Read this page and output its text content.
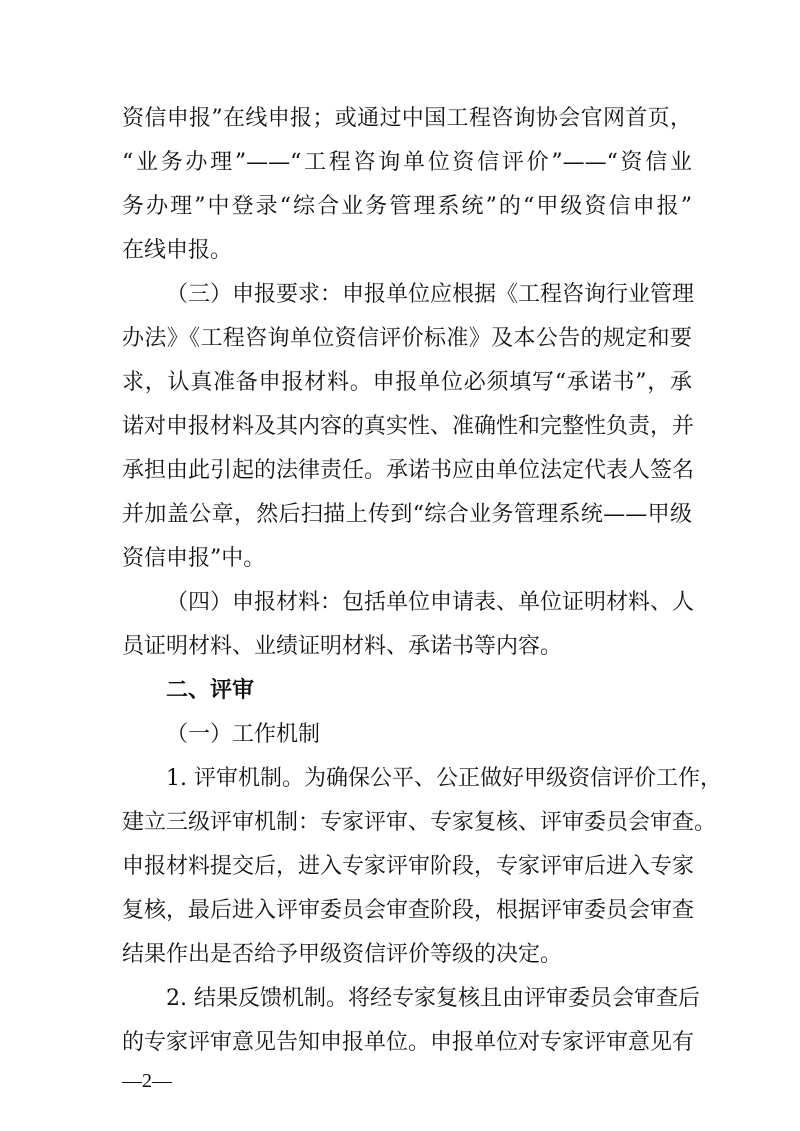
资信申报”在线申报；或通过中国工程咨询协会官网首页，
“业务办理”——“工程咨询单位资信评价”——“资信业
务办理”中登录“综合业务管理系统”的“甲级资信申报”
在线申报。
（三）申报要求：申报单位应根据《工程咨询行业管理
办法》《工程咨询单位资信评价标准》及本公告的规定和要
求，认真准备申报材料。申报单位必须填写“承诺书”，承
诺对申报材料及其内容的真实性、准确性和完整性负责，并
承担由此引起的法律责任。承诺书应由单位法定代表人签名
并加盖公章，然后扫描上传到“综合业务管理系统——甲级
资信申报”中。
（四）申报材料：包括单位申请表、单位证明材料、人
员证明材料、业绩证明材料、承诺书等内容。
二、评审
（一）工作机制
1. 评审机制。为确保公平、公正做好甲级资信评价工作，
建立三级评审机制：专家评审、专家复核、评审委员会审查。
申报材料提交后，进入专家评审阶段，专家评审后进入专家
复核，最后进入评审委员会审查阶段，根据评审委员会审查
结果作出是否给予甲级资信评价等级的决定。
2. 结果反馈机制。将经专家复核且由评审委员会审查后
的专家评审意见告知申报单位。申报单位对专家评审意见有
—2—
